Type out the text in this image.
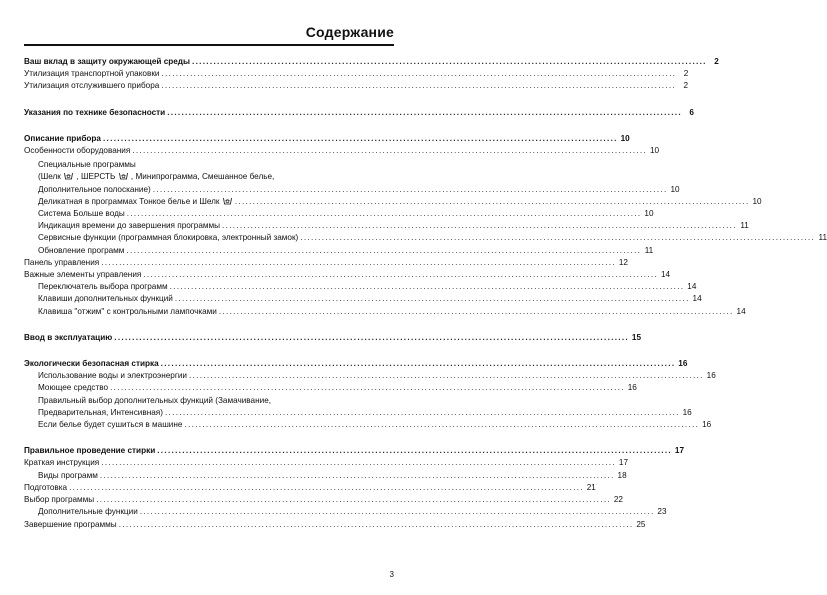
Содержание
Ваш вклад в защиту окружающей среды .....	2
Утилизация транспортной упаковки .....	2
Утилизация отслужившего прибора .....	2
Указания по технике безопасности .....	6
Описание прибора .....	10
Особенности оборудования .....	10
Специальные программы
(Шелк , ШЕРСТЬ , Минипрограмма, Смешанное белье,
Дополнительное полоскание) .....	10
Деликатная в программах Тонкое белье и Шелк .....	10
Система Больше воды .....	10
Индикация времени до завершения программы .....	11
Сервисные функции (программная блокировка, электронный замок) .....	11
Обновление программ .....	11
Панель управления .....	12
Важные элементы управления .....	14
Переключатель выбора программ .....	14
Клавиши дополнительных функций .....	14
Клавиша "отжим" с контрольными лампочками .....	14
Ввод в эксплуатацию .....	15
Экологически безопасная стирка .....	16
Использование воды и электроэнергии .....	16
Моющее средство .....	16
Правильный выбор дополнительных функций (Замачивание,
Предварительная, Интенсивная) .....	16
Если белье будет сушиться в машине .....	16
Правильное проведение стирки .....	17
Краткая инструкция .....	17
Виды программ .....	18
Подготовка .....	21
Выбор программы .....	22
Дополнительные функции .....	23
Завершение программы .....	25
3
